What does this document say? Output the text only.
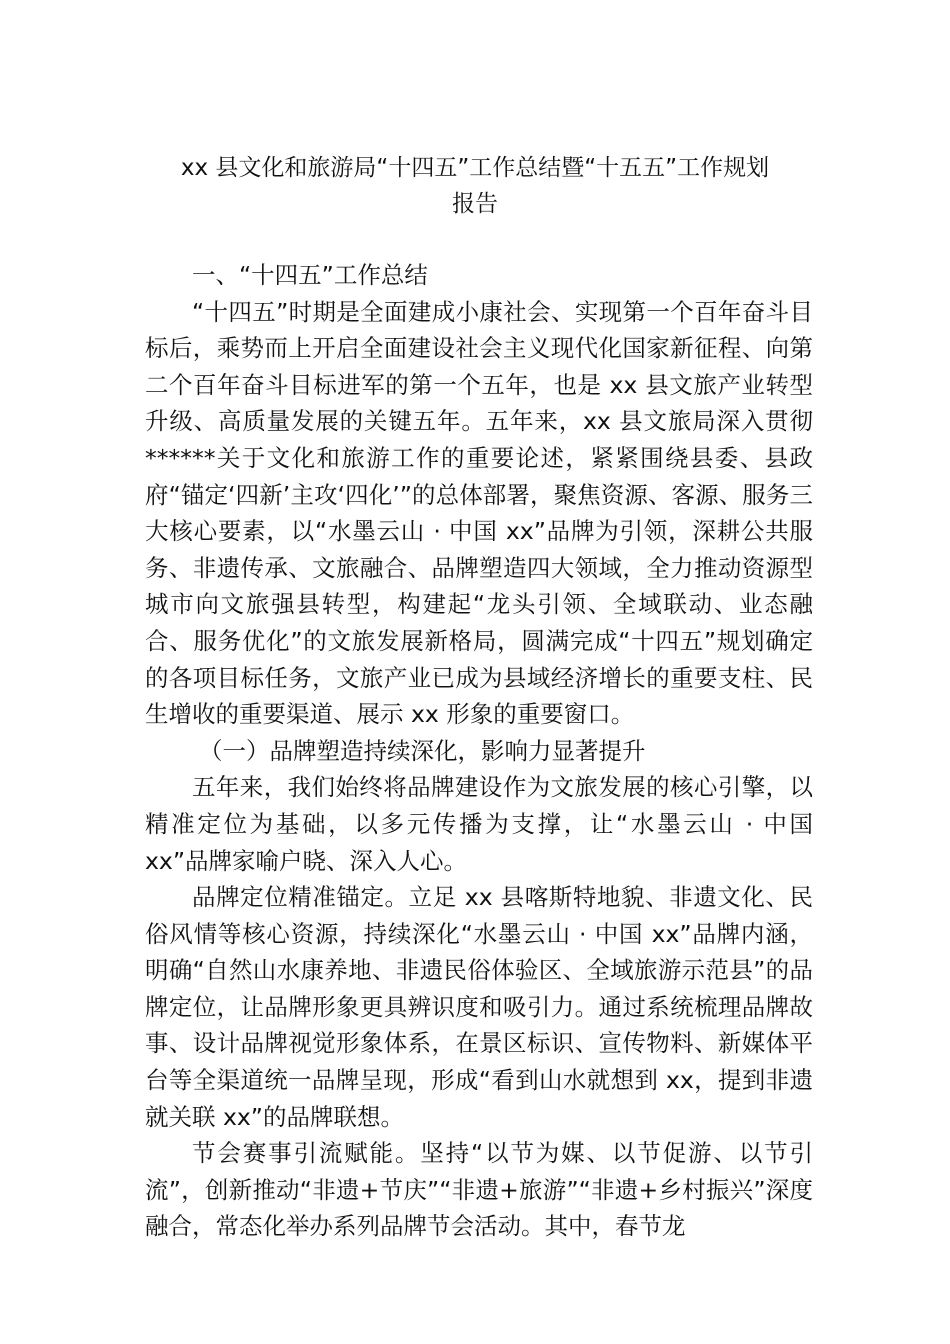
xx 县文化和旅游局“十四五”工作总结暨“十五五”工作规划
报告

一、“十四五”工作总结

“十四五”时期是全面建成小康社会、实现第一个百年奋斗目标后，乘势而上开启全面建设社会主义现代化国家新征程、向第二个百年奋斗目标进军的第一个五年，也是 xx 县文旅产业转型升级、高质量发展的关键五年。五年来，xx 县文旅局深入贯彻******关于文化和旅游工作的重要论述，紧紧围绕县委、县政府“锚定‘四新’主攻‘四化’”的总体部署，聚焦资源、客源、服务三大核心要素，以“水墨云山 · 中国 xx”品牌为引领，深耕公共服务、非遗传承、文旅融合、品牌塑造四大领域，全力推动资源型城市向文旅强县转型，构建起“龙头引领、全域联动、业态融合、服务优化”的文旅发展新格局，圆满完成“十四五”规划确定的各项目标任务，文旅产业已成为县域经济增长的重要支柱、民生增收的重要渠道、展示 xx 形象的重要窗口。

（一）品牌塑造持续深化，影响力显著提升

五年来，我们始终将品牌建设作为文旅发展的核心引擎，以精准定位为基础，以多元传播为支撑，让“水墨云山 · 中国 xx”品牌家喻户晓、深入人心。

品牌定位精准锚定。立足 xx 县喀斯特地貌、非遗文化、民俗风情等核心资源，持续深化“水墨云山 · 中国 xx”品牌内涵，明确“自然山水康养地、非遗民俗体验区、全域旅游示范县”的品牌定位，让品牌形象更具辨识度和吸引力。通过系统梳理品牌故事、设计品牌视觉形象体系，在景区标识、宣传物料、新媒体平台等全渠道统一品牌呈现，形成“看到山水就想到 xx，提到非遗就关联 xx”的品牌联想。

节会赛事引流赋能。坚持“以节为媒、以节促游、以节引流”，创新推动“非遗+节庆”“非遗+旅游”“非遗+乡村振兴”深度融合，常态化举办系列品牌节会活动。其中，春节龙
